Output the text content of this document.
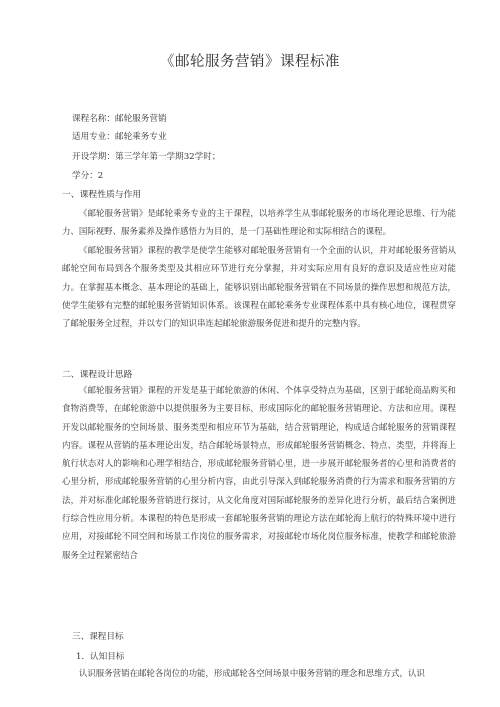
《邮轮服务营销》课程标准
课程名称：邮轮服务营销
适用专业：邮轮乘务专业
开设学期：第三学年第一学期32学时；
学分：2
一、课程性质与作用
《邮轮服务营销》是邮轮乘务专业的主干课程，以培养学生从事邮轮服务的市场化理论思维、行为能力、国际视野、服务素养及操作感悟力为目的，是一门基础性理论和实际相结合的课程。
《邮轮服务营销》课程的教学是使学生能够对邮轮服务营销有一个全面的认识，并对邮轮服务营销从邮轮空间布局到各个服务类型及其相应环节进行充分掌握，并对实际应用有良好的意识及适应性应对能力。在掌握基本概念、基本理论的基础上，能够识别出邮轮服务营销在不同场景的操作思想和规范方法，使学生能够有完整的邮轮服务营销知识体系。该课程在邮轮乘务专业课程体系中具有核心地位，课程贯穿了邮轮服务全过程，并以专门的知识串连起邮轮旅游服务促进和提升的完整内容。
二、课程设计思路
《邮轮服务营销》课程的开发是基于邮轮旅游的休闲、个体享受特点为基础，区别于邮轮商品购买和食物消费等，在邮轮旅游中以提供服务为主要目标，形成国际化的邮轮服务营销理论、方法和应用。课程开发以邮轮服务的空间场景、服务类型和相应环节为基础，结合营销理论，构成适合邮轮服务的营销课程内容。课程从营销的基本理论出发，结合邮轮场景特点，形成邮轮服务营销概念、特点、类型，并将海上航行状态对人的影响和心理学相结合，形成邮轮服务营销心里，进一步展开邮轮服务者的心里和消费者的心里分析，形成邮轮服务营销的心里分析内容，由此引导深入到邮轮服务消费的行为需求和服务营销的方法，并对标准化邮轮服务营销进行探讨，从文化角度对国际邮轮服务的差异化进行分析，最后结合案例进行综合性应用分析。本课程的特色是形成一套邮轮服务营销的理论方法在邮轮海上航行的特殊环境中进行应用，对接邮轮不同空间和场景工作岗位的服务需求，对接邮轮市场化岗位服务标准，使教学和邮轮旅游服务全过程紧密结合
三、课程目标
1．认知目标
认识服务营销在邮轮各岗位的功能，形成邮轮各空间场景中服务营销的理念和思维方式，认识
